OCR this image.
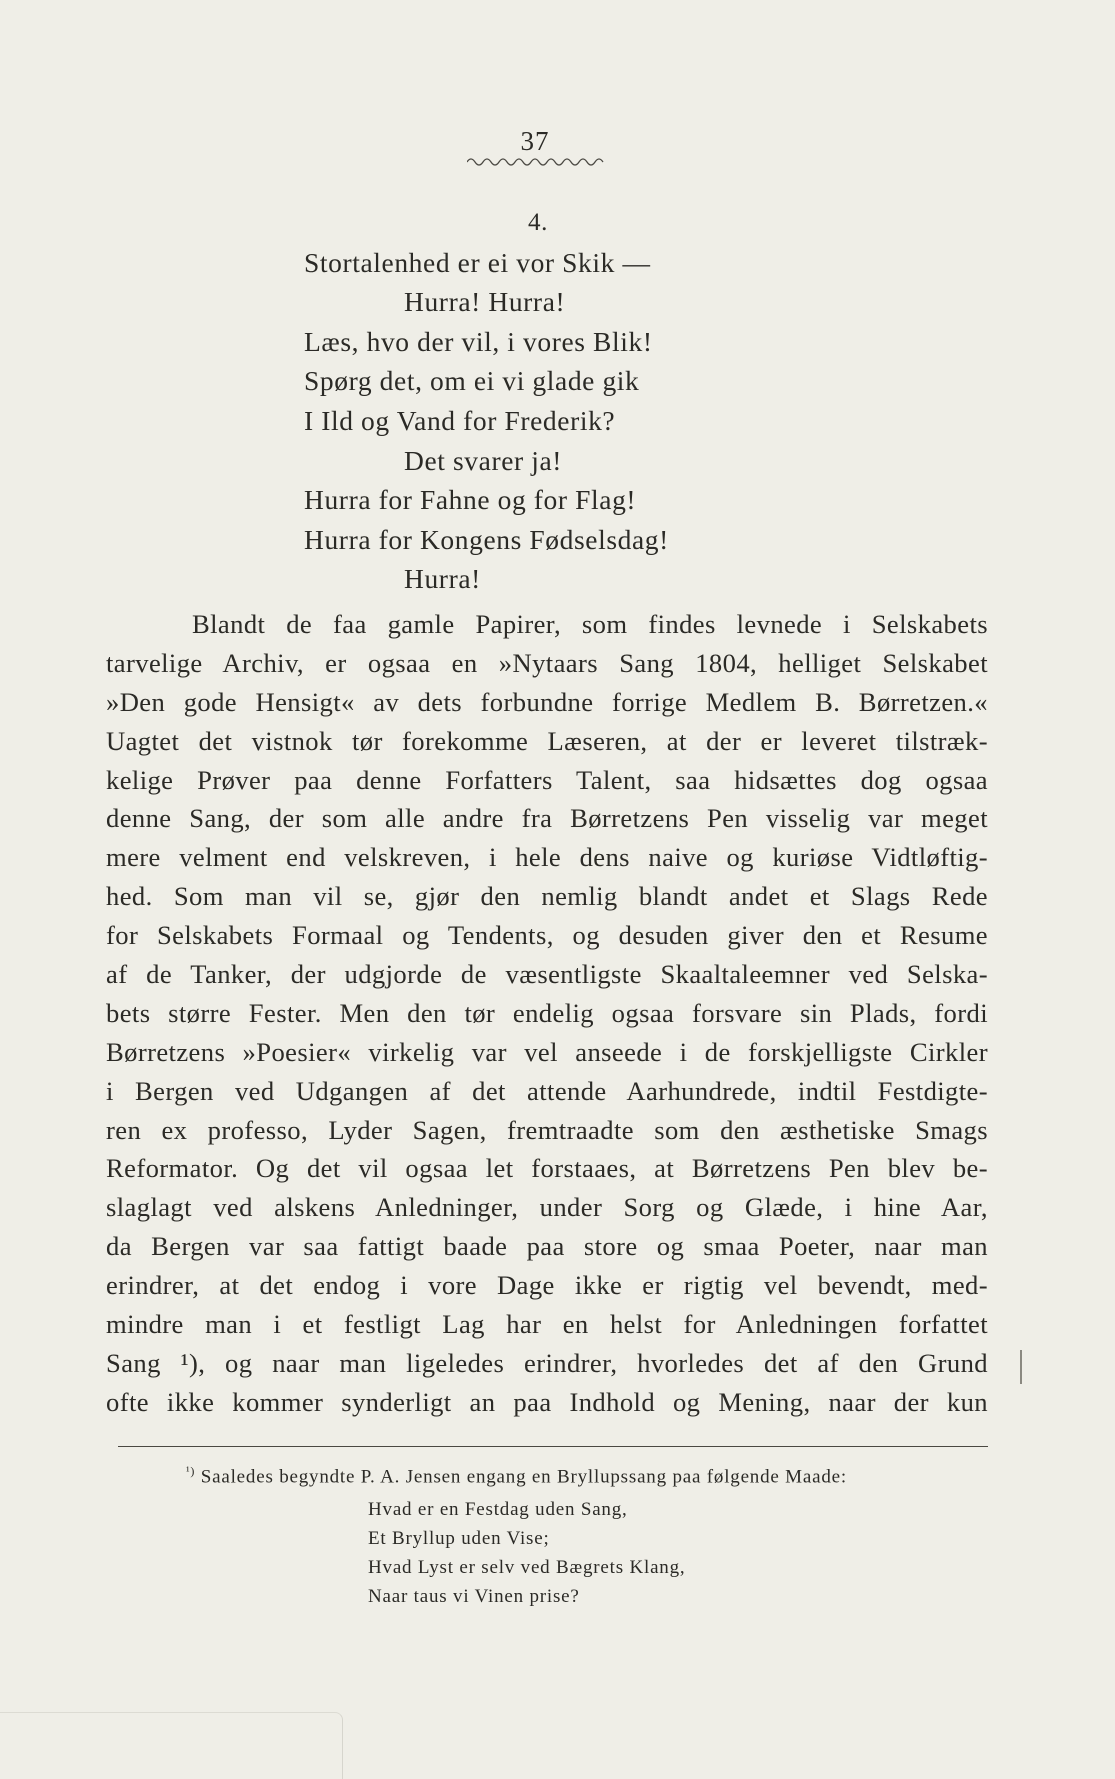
37
4.
Stortalenhed er ei vor Skik —
Hurra! Hurra!
Læs, hvo der vil, i vores Blik!
Spørg det, om ei vi glade gik
I Ild og Vand for Frederik?
Det svarer ja!
Hurra for Fahne og for Flag!
Hurra for Kongens Fødselsdag!
Hurra!
Blandt de faa gamle Papirer, som findes levnede i Selskabets
tarvelige Archiv, er ogsaa en »Nytaars Sang 1804, helliget Selskabet
»Den gode Hensigt« av dets forbundne forrige Medlem B. Børretzen.«
Uagtet det vistnok tør forekomme Læseren, at der er leveret tilstræk-
kelige Prøver paa denne Forfatters Talent, saa hidsættes dog ogsaa
denne Sang, der som alle andre fra Børretzens Pen visselig var meget
mere velment end velskreven, i hele dens naive og kuriøse Vidtløftig-
hed. Som man vil se, gjør den nemlig blandt andet et Slags Rede
for Selskabets Formaal og Tendents, og desuden giver den et Resume
af de Tanker, der udgjorde de væsentligste Skaaltaleemner ved Selska-
bets større Fester. Men den tør endelig ogsaa forsvare sin Plads, fordi
Børretzens »Poesier« virkelig var vel anseede i de forskjelligste Cirkler
i Bergen ved Udgangen af det attende Aarhundrede, indtil Festdigte-
ren ex professo, Lyder Sagen, fremtraadte som den æsthetiske Smags
Reformator. Og det vil ogsaa let forstaaes, at Børretzens Pen blev be-
slaglagt ved alskens Anledninger, under Sorg og Glæde, i hine Aar,
da Bergen var saa fattigt baade paa store og smaa Poeter, naar man
erindrer, at det endog i vore Dage ikke er rigtig vel bevendt, med-
mindre man i et festligt Lag har en helst for Anledningen forfattet
Sang ¹), og naar man ligeledes erindrer, hvorledes det af den Grund
ofte ikke kommer synderligt an paa Indhold og Mening, naar der kun
$^{^1)}$ Saaledes begyndte P. A. Jensen engang en Bryllupssang paa følgende Maade:
Hvad er en Festdag uden Sang,
Et Bryllup uden Vise;
Hvad Lyst er selv ved Bægrets Klang,
Naar taus vi Vinen prise?
